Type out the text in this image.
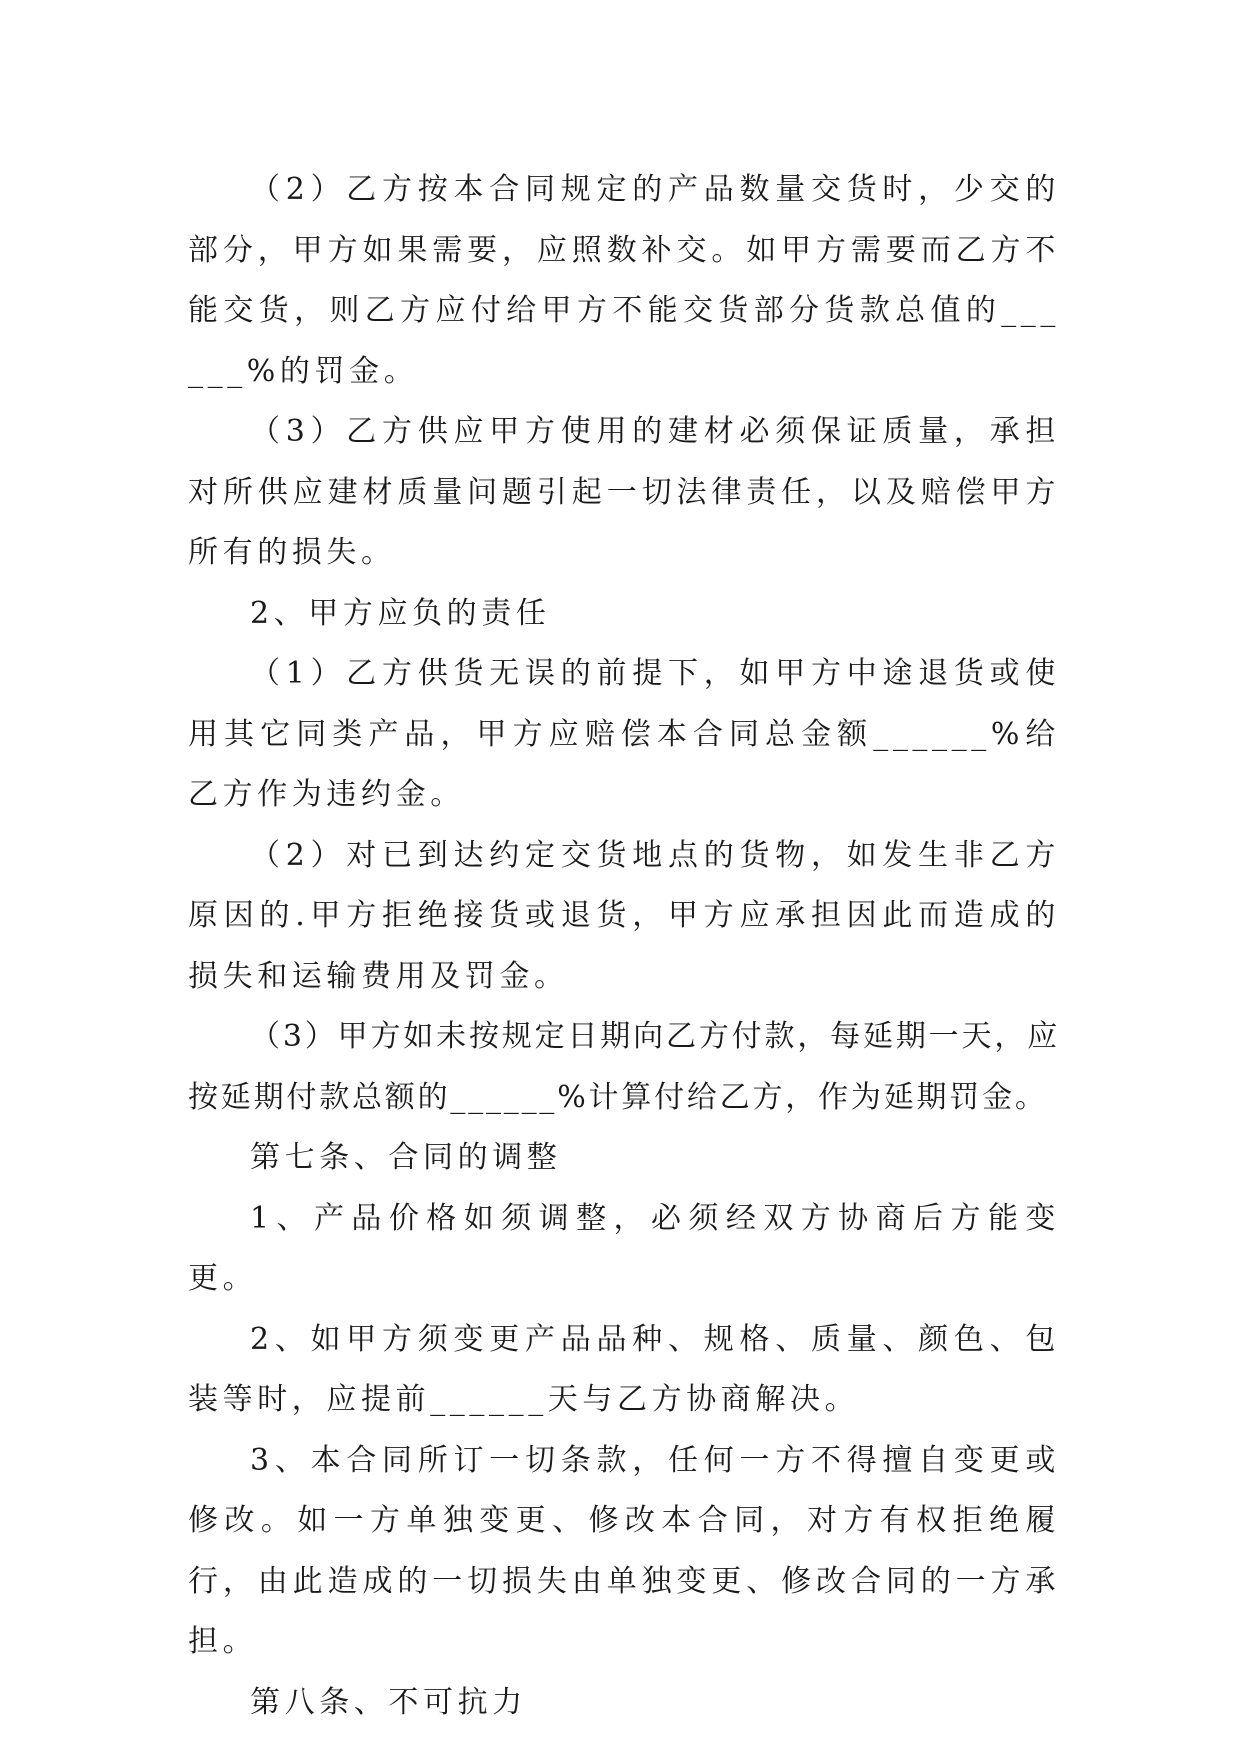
（2）乙方按本合同规定的产品数量交货时，少交的部分，甲方如果需要，应照数补交。如甲方需要而乙方不能交货，则乙方应付给甲方不能交货部分货款总值的______%的罚金。

（3）乙方供应甲方使用的建材必须保证质量，承担对所供应建材质量问题引起一切法律责任，以及赔偿甲方所有的损失。

2、甲方应负的责任

（1）乙方供货无误的前提下，如甲方中途退货或使用其它同类产品，甲方应赔偿本合同总金额______%给乙方作为违约金。

（2）对已到达约定交货地点的货物，如发生非乙方原因的.甲方拒绝接货或退货，甲方应承担因此而造成的损失和运输费用及罚金。

（3）甲方如未按规定日期向乙方付款，每延期一天，应按延期付款总额的______%计算付给乙方，作为延期罚金。

第七条、合同的调整

1、产品价格如须调整，必须经双方协商后方能变更。

2、如甲方须变更产品品种、规格、质量、颜色、包装等时，应提前______天与乙方协商解决。

3、本合同所订一切条款，任何一方不得擅自变更或修改。如一方单独变更、修改本合同，对方有权拒绝履行，由此造成的一切损失由单独变更、修改合同的一方承担。

第八条、不可抗力
